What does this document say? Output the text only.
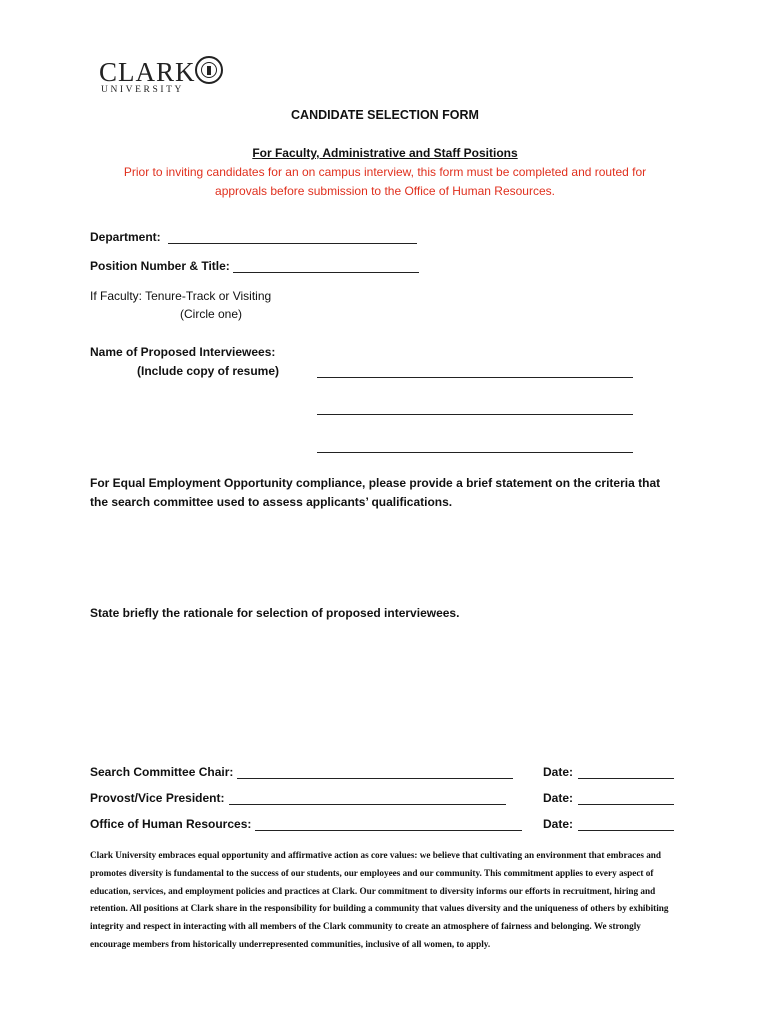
CLARK
UNIVERSITY
CANDIDATE SELECTION FORM
For Faculty, Administrative and Staff Positions
Prior to inviting candidates for an on campus interview, this form must be completed and routed for
approvals before submission to the Office of Human Resources.
Department:
Position Number & Title:
If Faculty: Tenure-Track or Visiting
(Circle one)
Name of Proposed Interviewees:
(Include copy of resume)
For Equal Employment Opportunity compliance, please provide a brief statement on the criteria that the search committee used to assess applicants’ qualifications.
State briefly the rationale for selection of proposed interviewees.
Search Committee Chair:	Date:
Provost/Vice President:	Date:
Office of Human Resources:	Date:
Clark University embraces equal opportunity and affirmative action as core values: we believe that cultivating an environment that embraces and promotes diversity is fundamental to the success of our students, our employees and our community. This commitment applies to every aspect of education, services, and employment policies and practices at Clark. Our commitment to diversity informs our efforts in recruitment, hiring and retention. All positions at Clark share in the responsibility for building a community that values diversity and the uniqueness of others by exhibiting integrity and respect in interacting with all members of the Clark community to create an atmosphere of fairness and belonging. We strongly encourage members from historically underrepresented communities, inclusive of all women, to apply.
